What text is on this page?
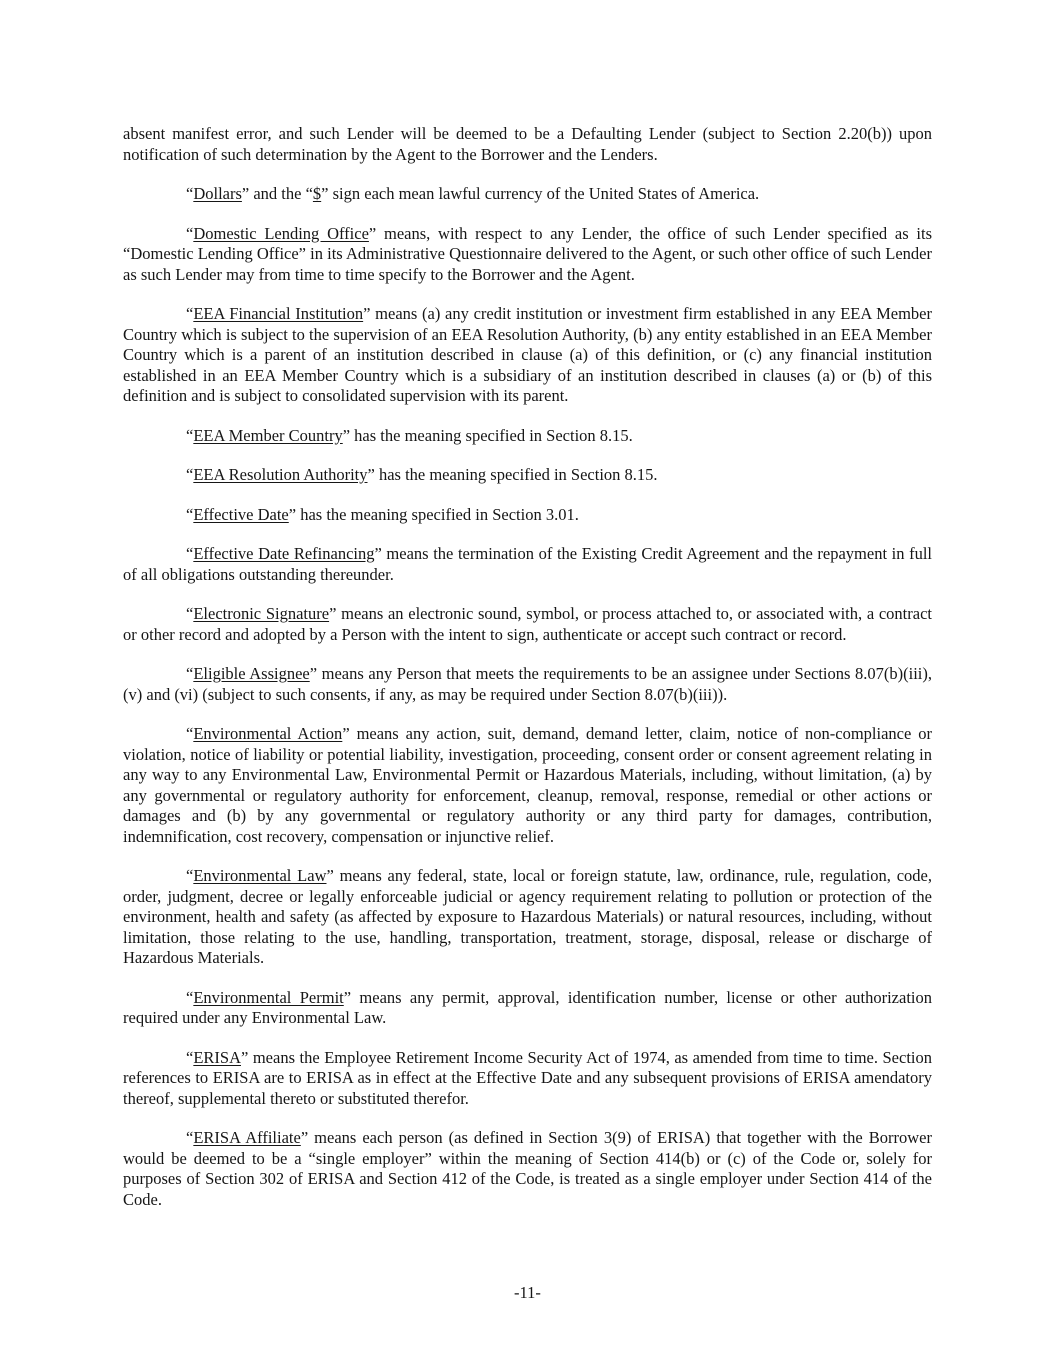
absent manifest error, and such Lender will be deemed to be a Defaulting Lender (subject to Section 2.20(b)) upon notification of such determination by the Agent to the Borrower and the Lenders.

“Dollars” and the “$” sign each mean lawful currency of the United States of America.

“Domestic Lending Office” means, with respect to any Lender, the office of such Lender specified as its “Domestic Lending Office” in its Administrative Questionnaire delivered to the Agent, or such other office of such Lender as such Lender may from time to time specify to the Borrower and the Agent.

“EEA Financial Institution” means (a) any credit institution or investment firm established in any EEA Member Country which is subject to the supervision of an EEA Resolution Authority, (b) any entity established in an EEA Member Country which is a parent of an institution described in clause (a) of this definition, or (c) any financial institution established in an EEA Member Country which is a subsidiary of an institution described in clauses (a) or (b) of this definition and is subject to consolidated supervision with its parent.

“EEA Member Country” has the meaning specified in Section 8.15.

“EEA Resolution Authority” has the meaning specified in Section 8.15.

“Effective Date” has the meaning specified in Section 3.01.

“Effective Date Refinancing” means the termination of the Existing Credit Agreement and the repayment in full of all obligations outstanding thereunder.

“Electronic Signature” means an electronic sound, symbol, or process attached to, or associated with, a contract or other record and adopted by a Person with the intent to sign, authenticate or accept such contract or record.

“Eligible Assignee” means any Person that meets the requirements to be an assignee under Sections 8.07(b)(iii), (v) and (vi) (subject to such consents, if any, as may be required under Section 8.07(b)(iii)).

“Environmental Action” means any action, suit, demand, demand letter, claim, notice of non-compliance or violation, notice of liability or potential liability, investigation, proceeding, consent order or consent agreement relating in any way to any Environmental Law, Environmental Permit or Hazardous Materials, including, without limitation, (a) by any governmental or regulatory authority for enforcement, cleanup, removal, response, remedial or other actions or damages and (b) by any governmental or regulatory authority or any third party for damages, contribution, indemnification, cost recovery, compensation or injunctive relief.

“Environmental Law” means any federal, state, local or foreign statute, law, ordinance, rule, regulation, code, order, judgment, decree or legally enforceable judicial or agency requirement relating to pollution or protection of the environment, health and safety (as affected by exposure to Hazardous Materials) or natural resources, including, without limitation, those relating to the use, handling, transportation, treatment, storage, disposal, release or discharge of Hazardous Materials.

“Environmental Permit” means any permit, approval, identification number, license or other authorization required under any Environmental Law.

“ERISA” means the Employee Retirement Income Security Act of 1974, as amended from time to time. Section references to ERISA are to ERISA as in effect at the Effective Date and any subsequent provisions of ERISA amendatory thereof, supplemental thereto or substituted therefor.

“ERISA Affiliate” means each person (as defined in Section 3(9) of ERISA) that together with the Borrower would be deemed to be a “single employer” within the meaning of Section 414(b) or (c) of the Code or, solely for purposes of Section 302 of ERISA and Section 412 of the Code, is treated as a single employer under Section 414 of the Code.

-11-
